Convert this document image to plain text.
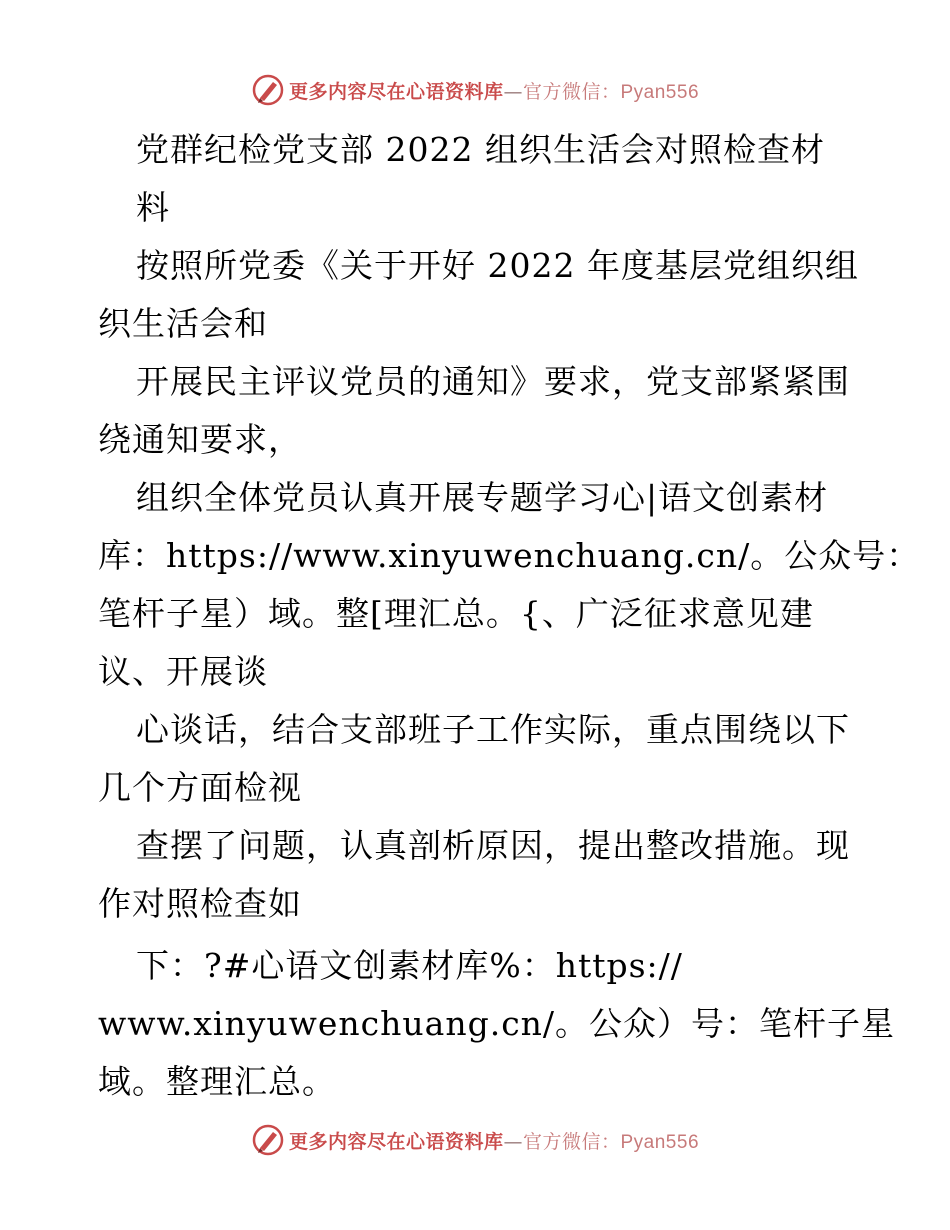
更多内容尽在心语资料库—官方微信：Pyan556
党群纪检党支部 2022 组织生活会对照检查材
料
按照所党委《关于开好 2022 年度基层党组织组
织生活会和
开展民主评议党员的通知》要求，党支部紧紧围
绕通知要求，
组织全体党员认真开展专题学习心|语文创素材
库：https://www.xinyuwenchuang.cn/。公众号：
笔杆子星）域。整[理汇总。{、广泛征求意见建
议、开展谈
心谈话，结合支部班子工作实际，重点围绕以下
几个方面检视
查摆了问题，认真剖析原因，提出整改措施。现
作对照检查如
下：?#心语文创素材库%：https://
www.xinyuwenchuang.cn/。公众）号：笔杆子星
域。整理汇总。
更多内容尽在心语资料库—官方微信：Pyan556
